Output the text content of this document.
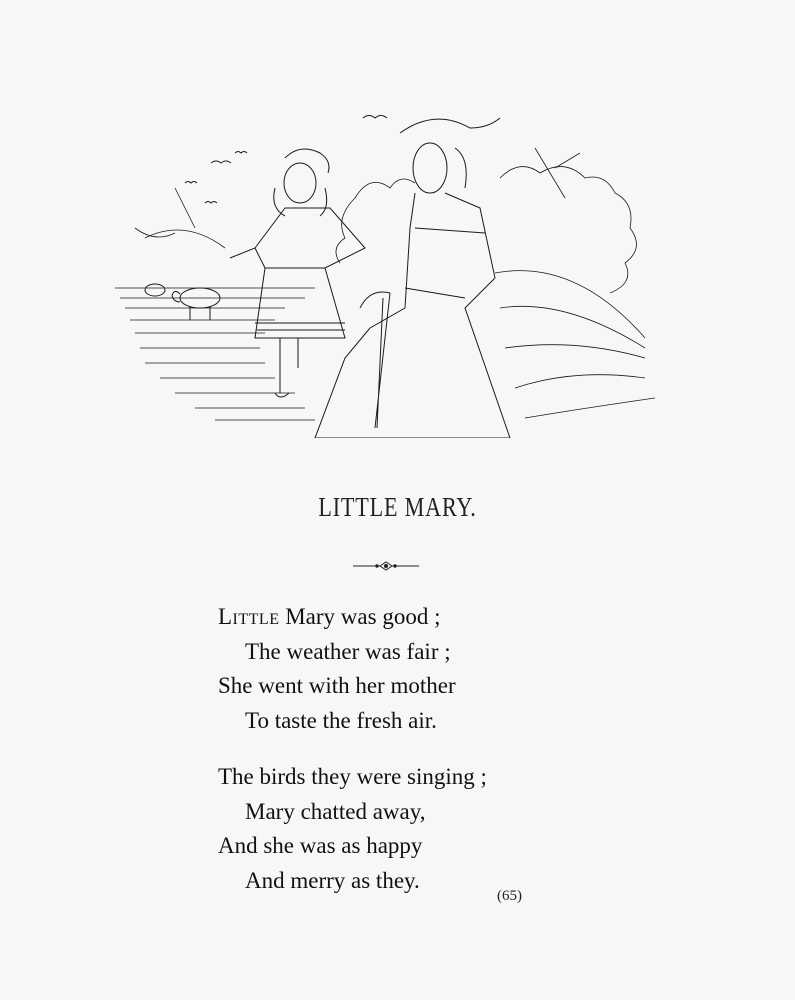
LITTLE MARY.
Little Mary was good ;
The weather was fair ;
She went with her mother
To taste the fresh air.
The birds they were singing ;
Mary chatted away,
And she was as happy
And merry as they.
(65)
